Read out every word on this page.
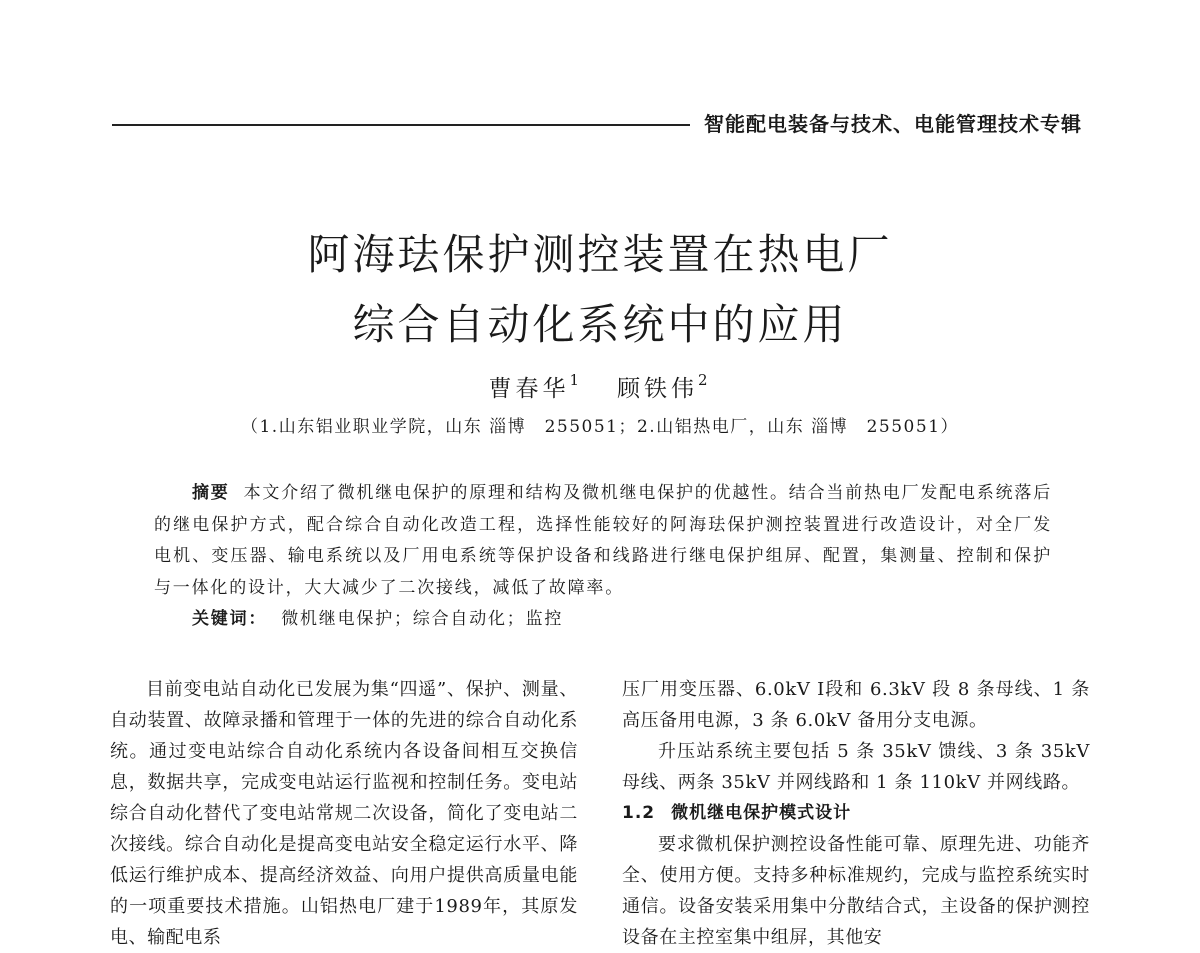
智能配电装备与技术、电能管理技术专辑
阿海珐保护测控装置在热电厂
综合自动化系统中的应用
曹春华$^1$ 顾铁伟$^2$
（1.山东铝业职业学院，山东 淄博　255051；2.山铝热电厂，山东 淄博　255051）

摘要 本文介绍了微机继电保护的原理和结构及微机继电保护的优越性。结合当前热电厂发配电系统落后的继电保护方式，配合综合自动化改造工程，选择性能较好的阿海珐保护测控装置进行改造设计，对全厂发电机、变压器、输电系统以及厂用电系统等保护设备和线路进行继电保护组屏、配置，集测量、控制和保护与一体化的设计，大大减少了二次接线，减低了故障率。

关键词： 微机继电保护；综合自动化；监控

目前变电站自动化已发展为集“四遥”、保护、测量、自动装置、故障录播和管理于一体的先进的综合自动化系统。通过变电站综合自动化系统内各设备间相互交换信息，数据共享，完成变电站运行监视和控制任务。变电站综合自动化替代了变电站常规二次设备，简化了变电站二次接线。综合自动化是提高变电站安全稳定运行水平、降低运行维护成本、提高经济效益、向用户提供高质量电能的一项重要技术措施。山铝热电厂建于1989年，其原发电、输配电系

压厂用变压器、6.0kV Ⅰ段和 6.3kV 段 8 条母线、1 条高压备用电源，3 条 6.0kV 备用分支电源。

升压站系统主要包括 5 条 35kV 馈线、3 条 35kV 母线、两条 35kV 并网线路和 1 条 110kV 并网线路。

1.2 微机继电保护模式设计

要求微机保护测控设备性能可靠、原理先进、功能齐全、使用方便。支持多种标准规约，完成与监控系统实时通信。设备安装采用集中分散结合式，主设备的保护测控设备在主控室集中组屏，其他安
